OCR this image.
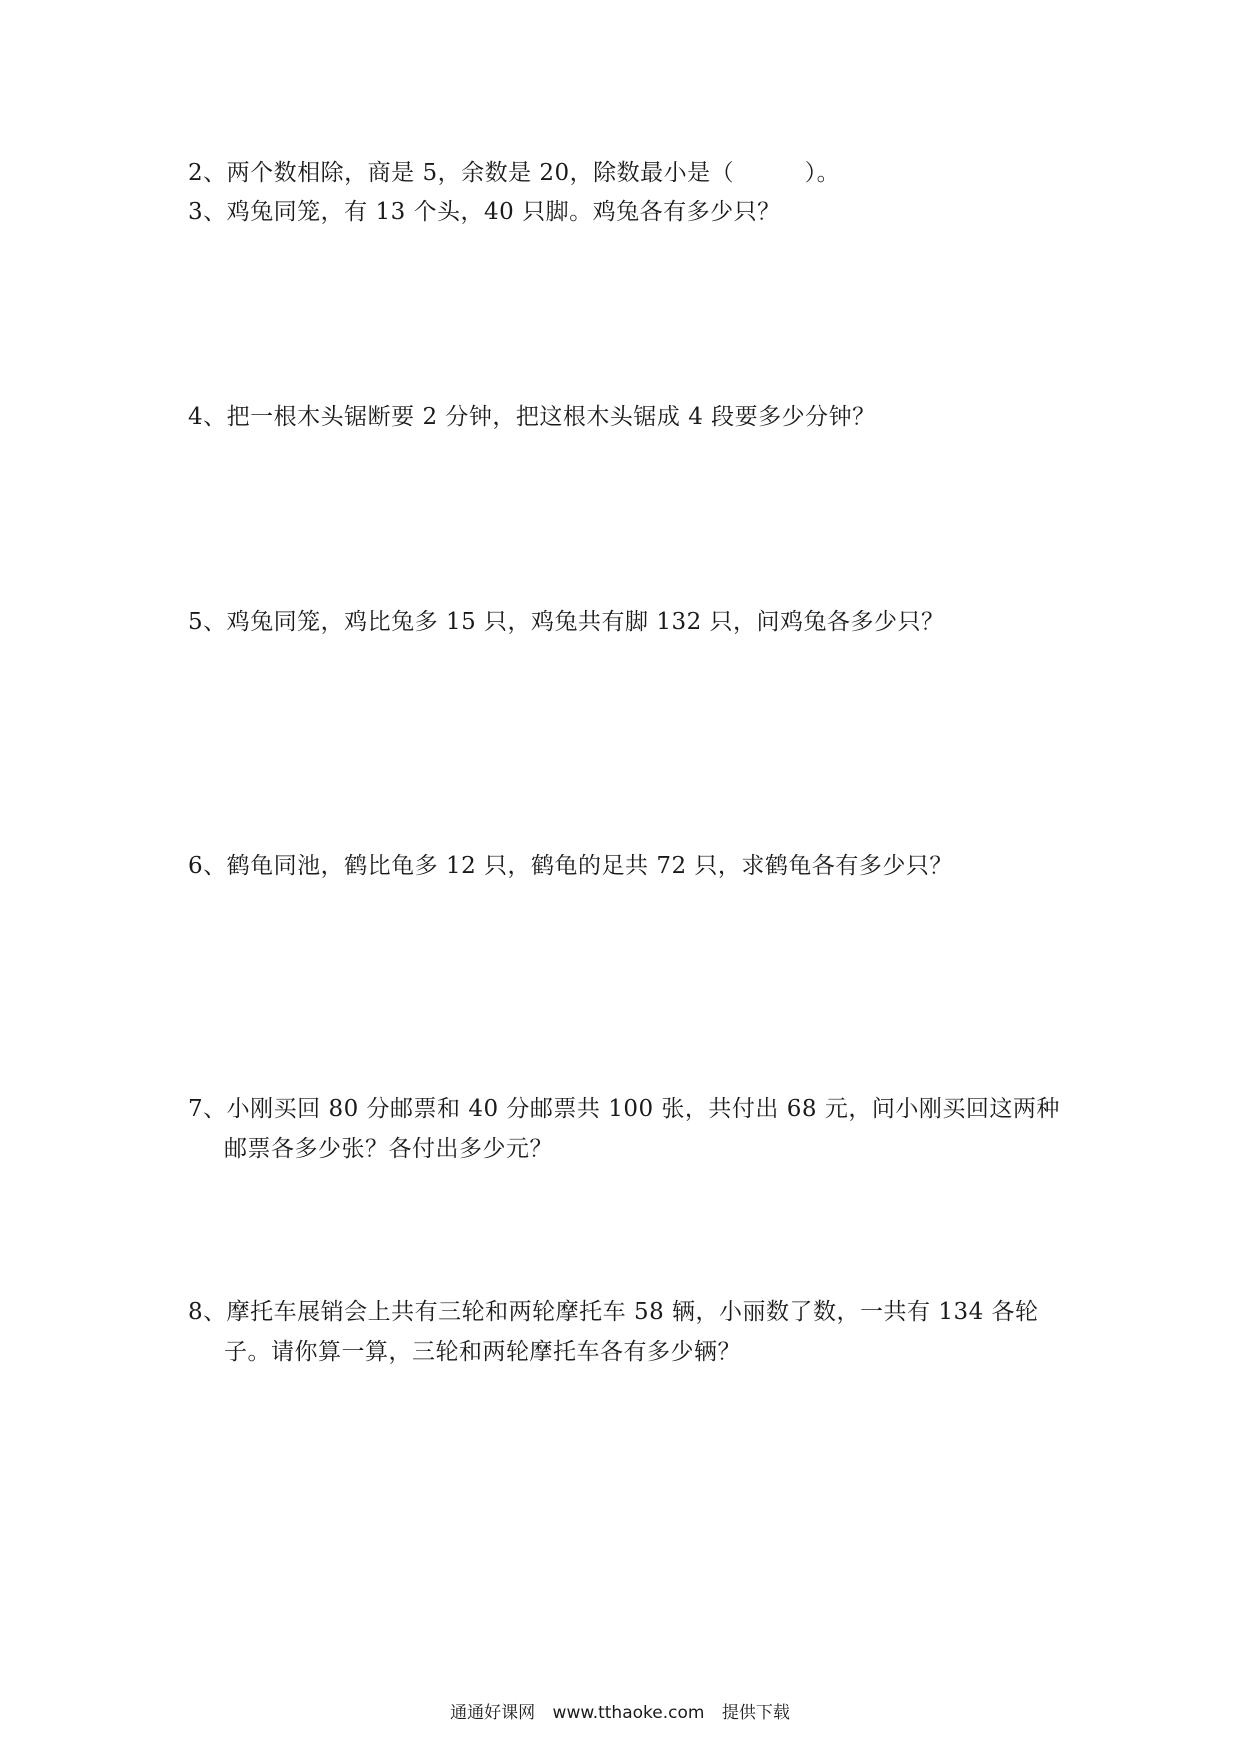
2、两个数相除，商是 5，余数是 20，除数最小是（　　　）。
3、鸡兔同笼，有 13 个头，40 只脚。鸡兔各有多少只？
4、把一根木头锯断要 2 分钟，把这根木头锯成 4 段要多少分钟？
5、鸡兔同笼，鸡比兔多 15 只，鸡兔共有脚 132 只，问鸡兔各多少只？
6、鹤龟同池，鹤比龟多 12 只，鹤龟的足共 72 只，求鹤龟各有多少只？
7、小刚买回 80 分邮票和 40 分邮票共 100 张，共付出 68 元，问小刚买回这两种
邮票各多少张？各付出多少元？
8、摩托车展销会上共有三轮和两轮摩托车 58 辆，小丽数了数，一共有 134 各轮
子。请你算一算，三轮和两轮摩托车各有多少辆？
通通好课网 www.tthaoke.com 提供下载
